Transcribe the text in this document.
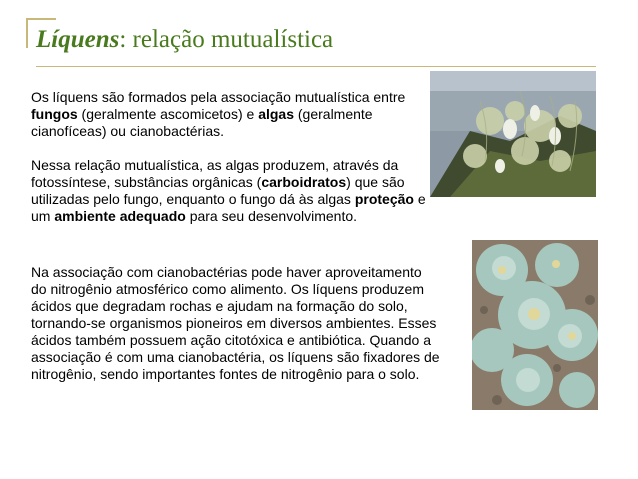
Líquens: relação mutualística

Os líquens são formados pela associação mutualística entre fungos (geralmente ascomicetos) e algas (geralmente cianofíceas) ou cianobactérias.

Nessa relação mutualística, as algas produzem, através da fotossíntese, substâncias orgânicas (carboidratos) que são utilizadas pelo fungo, enquanto o fungo dá às algas proteção e um ambiente adequado para seu desenvolvimento.

Na associação com cianobactérias pode haver aproveitamento do nitrogênio atmosférico como alimento. Os líquens produzem ácidos que degradam rochas e ajudam na formação do solo, tornando-se organismos pioneiros em diversos ambientes. Esses ácidos também possuem ação citotóxica e antibiótica. Quando a associação é com uma cianobactéria, os líquens são fixadores de nitrogênio, sendo importantes fontes de nitrogênio para o solo.
